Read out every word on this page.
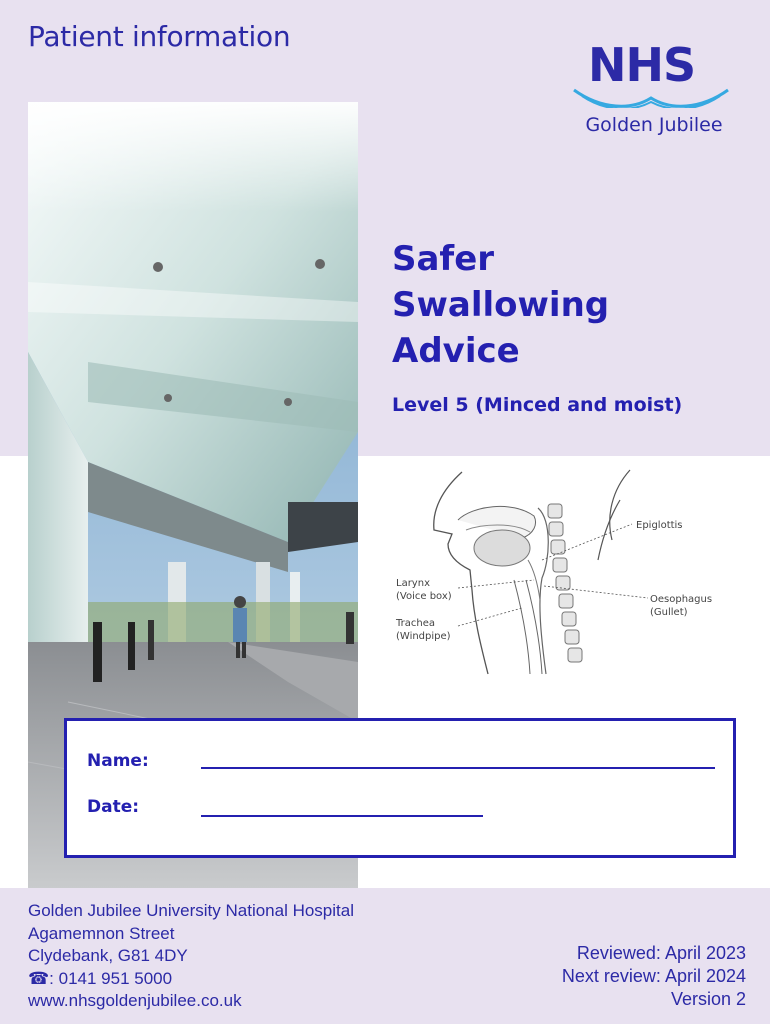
Patient information
NHS
Golden Jubilee
Safer
Swallowing
Advice
Level 5 (Minced and moist)
Epiglottis
Larynx
(Voice box)
Trachea
(Windpipe)
Oesophagus
(Gullet)
Name:
Date:
Golden Jubilee University National Hospital
Agamemnon Street
Clydebank, G81 4DY
☎: 0141 951 5000
www.nhsgoldenjubilee.co.uk
Reviewed: April 2023
Next review: April 2024
Version 2
